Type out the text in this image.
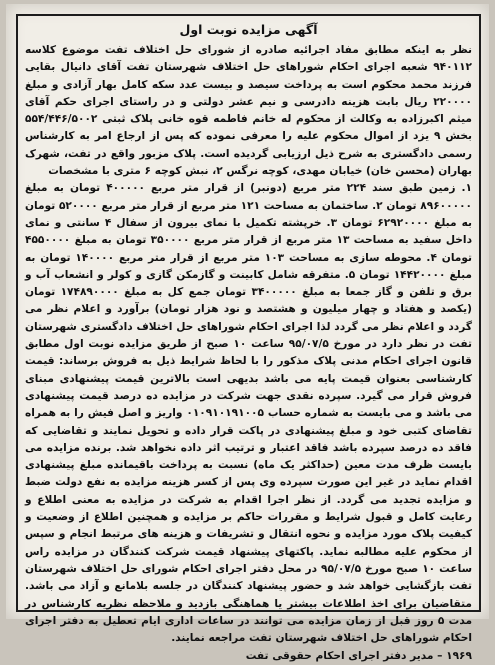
آگهی مزایده نوبت اول

نظر به اینکه مطابق مفاد اجرائیه صادره از شورای حل اختلاف تفت موضوع کلاسه ۹۴۰۱۱۲ شعبه اجرای احکام شوراهای حل اختلاف شهرستان تفت آقای دانیال بقایی فرزند محمد محکوم است به پرداخت سیصد و بیست عدد سکه کامل بهار آزادی و مبلغ ۲۲۰۰۰۰ ریال بابت هزینه دادرسی و نیم عشر دولتی و در راستای اجرای حکم آقای میثم اکبرزاده به وکالت از محکوم له خانم فاطمه قوه خانی پلاک ثبتی ۵۵۴/۴۴۶/۵۰۰۲ بخش ۹ یزد از اموال محکوم علیه را معرفی نموده که پس از ارجاع امر به کارشناس رسمی دادگستری به شرح ذیل ارزیابی گردیده است. پلاک مزبور واقع در تفت، شهرک بهاران (محسن خان) خیابان مهدی، کوچه نرگس ۲، نبش کوچه ۶ متری با مشخصات

۱. زمین طبق سند ۲۲۴ متر مربع (دونبر) از قرار متر مربع ۴۰۰۰۰۰ تومان به مبلغ ۸۹۶۰۰۰۰۰ تومان ۲. ساختمان به مساحت ۱۲۱ متر مربع از قرار متر مربع ۵۲۰۰۰۰ تومان به مبلغ ۶۲۹۲۰۰۰۰ تومان ۳. خرپشته تکمیل با نمای بیرون از سفال ۴ سانتی و نمای داخل سفید به مساحت ۱۳ متر مربع از قرار متر مربع ۳۵۰۰۰۰ تومان به مبلغ ۴۵۵۰۰۰۰ تومان ۴. محوطه سازی به مساحت ۱۰۳ متر مربع از قرار متر مربع ۱۴۰۰۰۰ تومان به مبلغ ۱۴۴۲۰۰۰۰ تومان ۵. متفرقه شامل کابینت و گازمکن گازی و کولر و انشعاب آب و برق و تلفن و گاز جمعا به مبلغ ۳۴۰۰۰۰۰ تومان جمع کل به مبلغ ۱۷۴۸۹۰۰۰۰ تومان (یکصد و هفتاد و چهار میلیون و هشتصد و نود هزار تومان) برآورد و اعلام نظر می گردد و اعلام نظر می گردد لذا اجرای احکام شوراهای حل اختلاف دادگستری شهرستان تفت در نظر دارد در مورخ ۹۵/۰۷/۵ ساعت ۱۰ صبح از طریق مزایده نوبت اول مطابق قانون اجرای احکام مدنی پلاک مذکور را با لحاظ شرایط ذیل به فروش برساند: قیمت کارشناسی بعنوان قیمت پایه می باشد بدیهی است بالاترین قیمت پیشنهادی مبنای فروش قرار می گیرد. سپرده نقدی جهت شرکت در مزایده ده درصد قیمت پیشنهادی می باشد و می بایست به شماره حساب ۰۱۰۹۱۰۱۹۱۰۰۵ واریز و اصل فیش را به همراه تقاضای کتبی خود و مبلغ پیشنهادی در پاکت قرار داده و تحویل نمایند و تقاضایی که فاقد ده درصد سپرده باشد فاقد اعتبار و ترتیب اثر داده نخواهد شد. برنده مزایده می بایست ظرف مدت معین (حداکثر یک ماه) نسبت به پرداخت باقیمانده مبلغ پیشنهادی اقدام نماید در غیر این صورت سپرده وی پس از کسر هزینه مزایده به نفع دولت ضبط و مزایده تجدید می گردد. از نظر اجرا اقدام به شرکت در مزایده به معنی اطلاع و رعایت کامل و قبول شرایط و مقررات حاکم بر مزایده و همچنین اطلاع از وضعیت و کیفیت پلاک مورد مزایده و نحوه انتقال و تشریفات و هزینه های مرتبط انجام و سپس از محکوم علیه مطالبه نماید. پاکتهای پیشنهاد قیمت شرکت کنندگان در مزایده راس ساعت ۱۰ صبح مورخ ۹۵/۰۷/۵ در محل دفتر اجرای احکام شورای حل اختلاف شهرستان تفت بازگشایی خواهد شد و حضور پیشنهاد کنندگان در جلسه بلامانع و آزاد می باشد. متقاضیان برای اخذ اطلاعات بیشتر یا هماهنگی بازدید و ملاحظه نظریه کارشناس در مدت ۵ روز قبل از زمان مزایده می توانند در ساعات اداری ایام تعطیل به دفتر اجرای احکام شوراهای حل اختلاف شهرستان تفت مراجعه نمایند.

۱۹۶۹ – مدیر دفتر اجرای احکام حقوقی تفت
